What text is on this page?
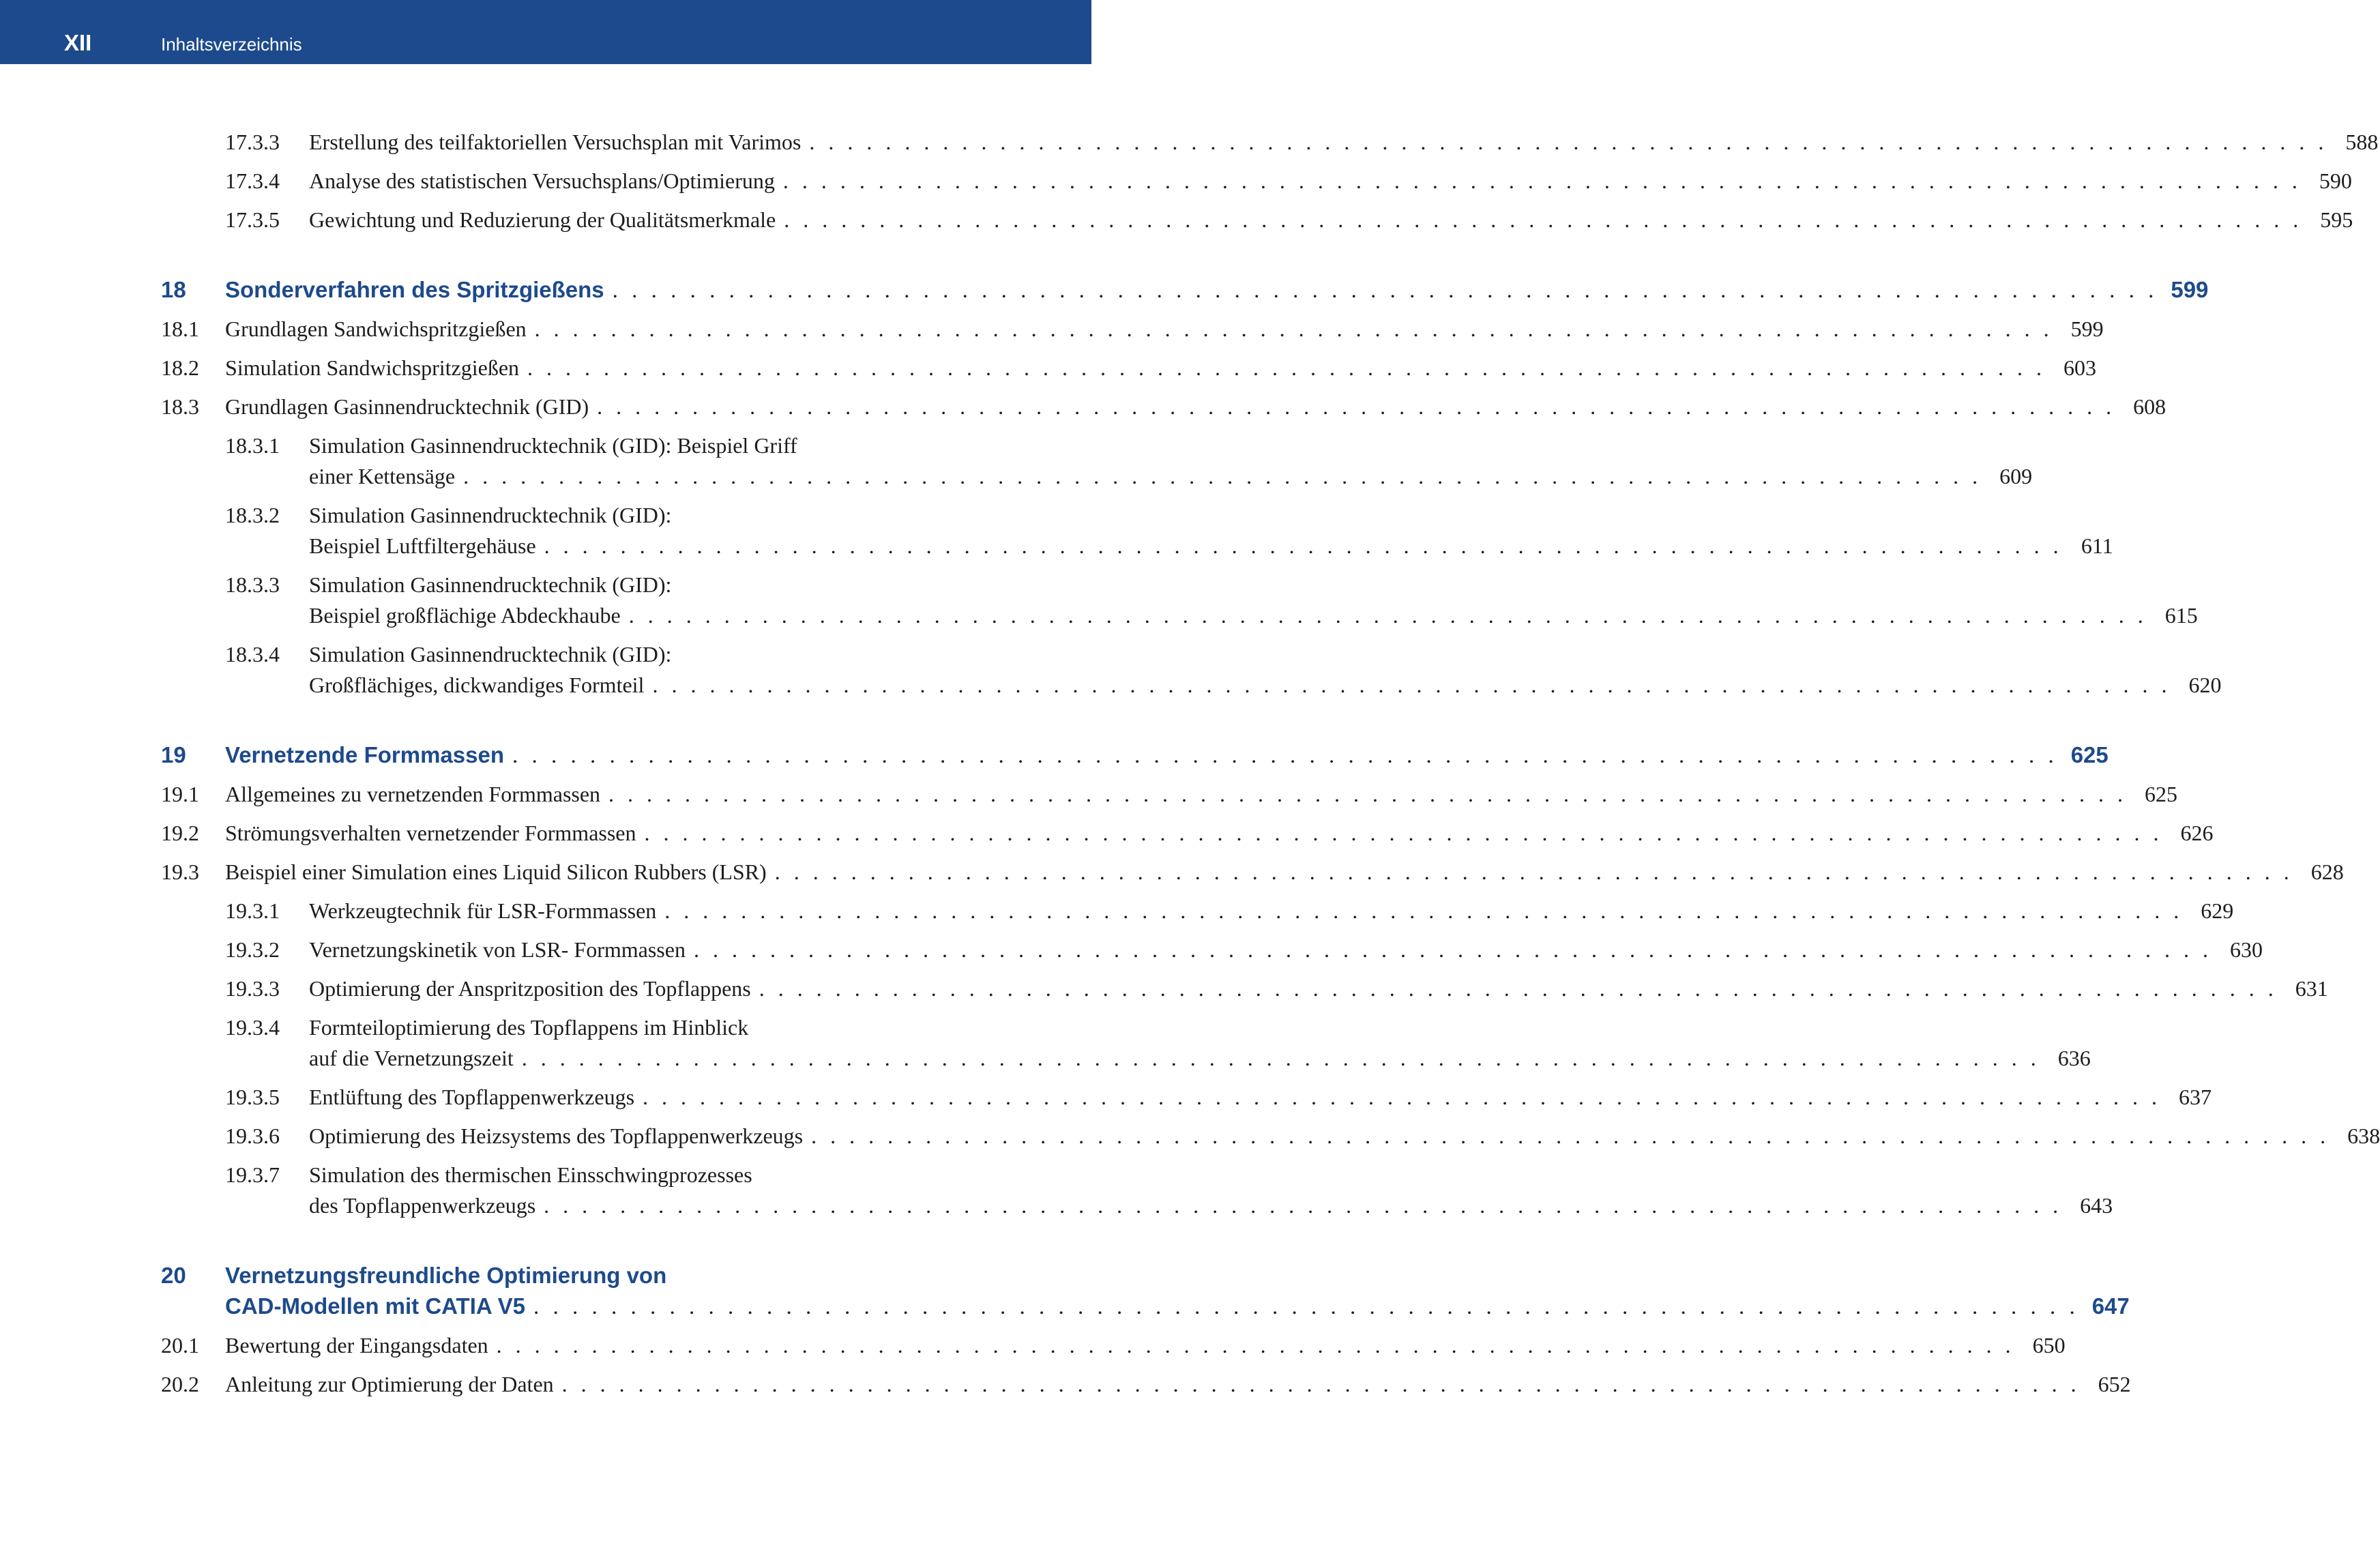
XII	Inhaltsverzeichnis
17.3.3 Erstellung des teilfaktoriellen Versuchsplan mit Varimos . . . . . . . . . . . . . . . . . . . . . . . . . . . . . . . . . . . . . . . . . . . . . . . . . . . . . . . . . . . . . . . . . . . . . . . . . . . . . . . . 588
17.3.4 Analyse des statistischen Versuchsplans/Optimierung . . . . . . . . . . . . . . . . . . . . . . . . . . . . . . . . . . . . . . . . . . . . . . . . . . . . . . . . . . . . . . . . . . . . . . . . . . . . . . . . 590
17.3.5 Gewichtung und Reduzierung der Qualitätsmerkmale . . . . . . . . . . . . . . . . . . . . . . . . . . . . . . . . . . . . . . . . . . . . . . . . . . . . . . . . . . . . . . . . . . . . . . . . . . . . . . . . 595
18 Sonderverfahren des Spritzgießens . . . . . . . . . . . . . . . . . . . . . . . . . . . . . . . . . . . . . . . . . . . . . . . . . . . . . . . . . . . . . . . . . . . . . . . . . . . . . . . . 599
18.1 Grundlagen Sandwichspritzgießen . . . . . . . . . . . . . . . . . . . . . . . . . . . . . . . . . . . . . . . . . . . . . . . . . . . . . . . . . . . . . . . . . . . . . . . . . . . . . . . . 599
18.2 Simulation Sandwichspritzgießen . . . . . . . . . . . . . . . . . . . . . . . . . . . . . . . . . . . . . . . . . . . . . . . . . . . . . . . . . . . . . . . . . . . . . . . . . . . . . . . . 603
18.3 Grundlagen Gasinnendrucktechnik (GID) . . . . . . . . . . . . . . . . . . . . . . . . . . . . . . . . . . . . . . . . . . . . . . . . . . . . . . . . . . . . . . . . . . . . . . . . . . . . . . . . 608
18.3.1 Simulation Gasinnendrucktechnik (GID): Beispiel Griff
einer Kettensäge . . . . . . . . . . . . . . . . . . . . . . . . . . . . . . . . . . . . . . . . . . . . . . . . . . . . . . . . . . . . . . . . . . . . . . . . . . . . . . . . 609
18.3.2 Simulation Gasinnendrucktechnik (GID):
Beispiel Luftfiltergehäuse . . . . . . . . . . . . . . . . . . . . . . . . . . . . . . . . . . . . . . . . . . . . . . . . . . . . . . . . . . . . . . . . . . . . . . . . . . . . . . . . 611
18.3.3 Simulation Gasinnendrucktechnik (GID):
Beispiel großflächige Abdeckhaube . . . . . . . . . . . . . . . . . . . . . . . . . . . . . . . . . . . . . . . . . . . . . . . . . . . . . . . . . . . . . . . . . . . . . . . . . . . . . . . . 615
18.3.4 Simulation Gasinnendrucktechnik (GID):
Großflächiges, dickwandiges Formteil . . . . . . . . . . . . . . . . . . . . . . . . . . . . . . . . . . . . . . . . . . . . . . . . . . . . . . . . . . . . . . . . . . . . . . . . . . . . . . . . 620
19 Vernetzende Formmassen . . . . . . . . . . . . . . . . . . . . . . . . . . . . . . . . . . . . . . . . . . . . . . . . . . . . . . . . . . . . . . . . . . . . . . . . . . . . . . . . 625
19.1 Allgemeines zu vernetzenden Formmassen . . . . . . . . . . . . . . . . . . . . . . . . . . . . . . . . . . . . . . . . . . . . . . . . . . . . . . . . . . . . . . . . . . . . . . . . . . . . . . . . 625
19.2 Strömungsverhalten vernetzender Formmassen . . . . . . . . . . . . . . . . . . . . . . . . . . . . . . . . . . . . . . . . . . . . . . . . . . . . . . . . . . . . . . . . . . . . . . . . . . . . . . . . 626
19.3 Beispiel einer Simulation eines Liquid Silicon Rubbers (LSR) . . . . . . . . . . . . . . . . . . . . . . . . . . . . . . . . . . . . . . . . . . . . . . . . . . . . . . . . . . . . . . . . . . . . . . . . . . . . . . . . 628
19.3.1 Werkzeugtechnik für LSR-Formmassen . . . . . . . . . . . . . . . . . . . . . . . . . . . . . . . . . . . . . . . . . . . . . . . . . . . . . . . . . . . . . . . . . . . . . . . . . . . . . . . . 629
19.3.2 Vernetzungskinetik von LSR- Formmassen . . . . . . . . . . . . . . . . . . . . . . . . . . . . . . . . . . . . . . . . . . . . . . . . . . . . . . . . . . . . . . . . . . . . . . . . . . . . . . . . 630
19.3.3 Optimierung der Anspritzposition des Topflappens . . . . . . . . . . . . . . . . . . . . . . . . . . . . . . . . . . . . . . . . . . . . . . . . . . . . . . . . . . . . . . . . . . . . . . . . . . . . . . . . 631
19.3.4 Formteiloptimierung des Topflappens im Hinblick
auf die Vernetzungszeit . . . . . . . . . . . . . . . . . . . . . . . . . . . . . . . . . . . . . . . . . . . . . . . . . . . . . . . . . . . . . . . . . . . . . . . . . . . . . . . . 636
19.3.5 Entlüftung des Topflappenwerkzeugs . . . . . . . . . . . . . . . . . . . . . . . . . . . . . . . . . . . . . . . . . . . . . . . . . . . . . . . . . . . . . . . . . . . . . . . . . . . . . . . . 637
19.3.6 Optimierung des Heizsystems des Topflappenwerkzeugs . . . . . . . . . . . . . . . . . . . . . . . . . . . . . . . . . . . . . . . . . . . . . . . . . . . . . . . . . . . . . . . . . . . . . . . . . . . . . . . . 638
19.3.7 Simulation des thermischen Einsschwingprozesses
des Topflappenwerkzeugs . . . . . . . . . . . . . . . . . . . . . . . . . . . . . . . . . . . . . . . . . . . . . . . . . . . . . . . . . . . . . . . . . . . . . . . . . . . . . . . . 643
20 Vernetzungsfreundliche Optimierung von
CAD-Modellen mit CATIA V5 . . . . . . . . . . . . . . . . . . . . . . . . . . . . . . . . . . . . . . . . . . . . . . . . . . . . . . . . . . . . . . . . . . . . . . . . . . . . . . . . 647
20.1 Bewertung der Eingangsdaten . . . . . . . . . . . . . . . . . . . . . . . . . . . . . . . . . . . . . . . . . . . . . . . . . . . . . . . . . . . . . . . . . . . . . . . . . . . . . . . . 650
20.2 Anleitung zur Optimierung der Daten . . . . . . . . . . . . . . . . . . . . . . . . . . . . . . . . . . . . . . . . . . . . . . . . . . . . . . . . . . . . . . . . . . . . . . . . . . . . . . . . 652
